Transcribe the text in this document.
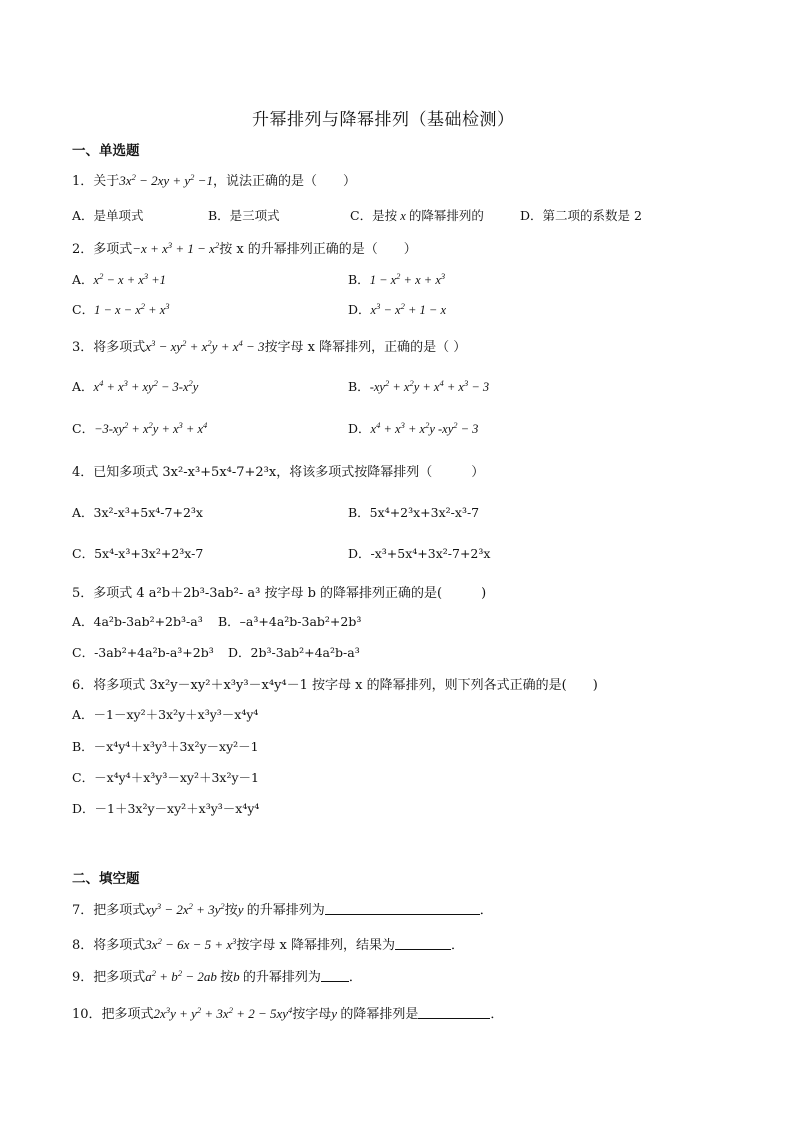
升幂排列与降幂排列（基础检测）
一、单选题
1．关于$3x^2 - 2xy + y^2 -1$，说法正确的是（　　）
A．是单项式	B．是三项式	C．是按 x 的降幂排列的	D．第二项的系数是 2
2．多项式$-x + x^3 + 1 - x^2$按 x 的升幂排列正确的是（　　）
A．$x^2 - x + x^3 +1$	B．$1 - x^2 + x + x^3$
C．$1 - x - x^2 + x^3$	D．$x^3 - x^2 + 1 - x$
3．将多项式$x^3 - xy^2 + x^2y + x^4 - 3$按字母 x 降幂排列，正确的是（ ）
A．$x^4 + x^3 + xy^2 - 3-x^2y$	B．$-xy^2 + x^2y + x^4 + x^3 - 3$
C．$-3-xy^2 + x^2y + x^3 + x^4$	D．$x^4 + x^3 + x^2y$ $-xy^2 - 3$
4．已知多项式 3x²-x³+5x⁴-7+2³x，将该多项式按降幂排列（　　　）
A．3x²-x³+5x⁴-7+2³x	B．5x⁴+2³x+3x²-x³-7
C．5x⁴-x³+3x²+2³x-7	D．-x³+5x⁴+3x²-7+2³x
5．多项式 4 a²b＋2b³-3ab²- a³ 按字母 b 的降幂排列正确的是(　　　)
A．4a²b-3ab²+2b³-a³ B．–a³+4a²b-3ab²+2b³
C．-3ab²+4a²b-a³+2b³ D．2b³-3ab²+4a²b-a³
6．将多项式 3x²y－xy²＋x³y³－x⁴y⁴－1 按字母 x 的降幂排列，则下列各式正确的是(　　)
A．－1－xy²＋3x²y＋x³y³－x⁴y⁴
B．－x⁴y⁴＋x³y³＋3x²y－xy²－1
C．－x⁴y⁴＋x³y³－xy²＋3x²y－1
D．－1＋3x²y－xy²＋x³y³－x⁴y⁴
二、填空题
7．把多项式$xy^3 - 2x^2 + 3y^2$按y 的升幂排列为	．
8．将多项式$3x^2 - 6x - 5 + x^3$按字母 x 降幂排列，结果为	．
9．把多项式$a^2 + b^2 - 2ab$ 按b 的升幂排列为 ．
10．把多项式$2x^3y + y^2 + 3x^2 + 2 - 5xy^4$按字母y 的降幂排列是	．
